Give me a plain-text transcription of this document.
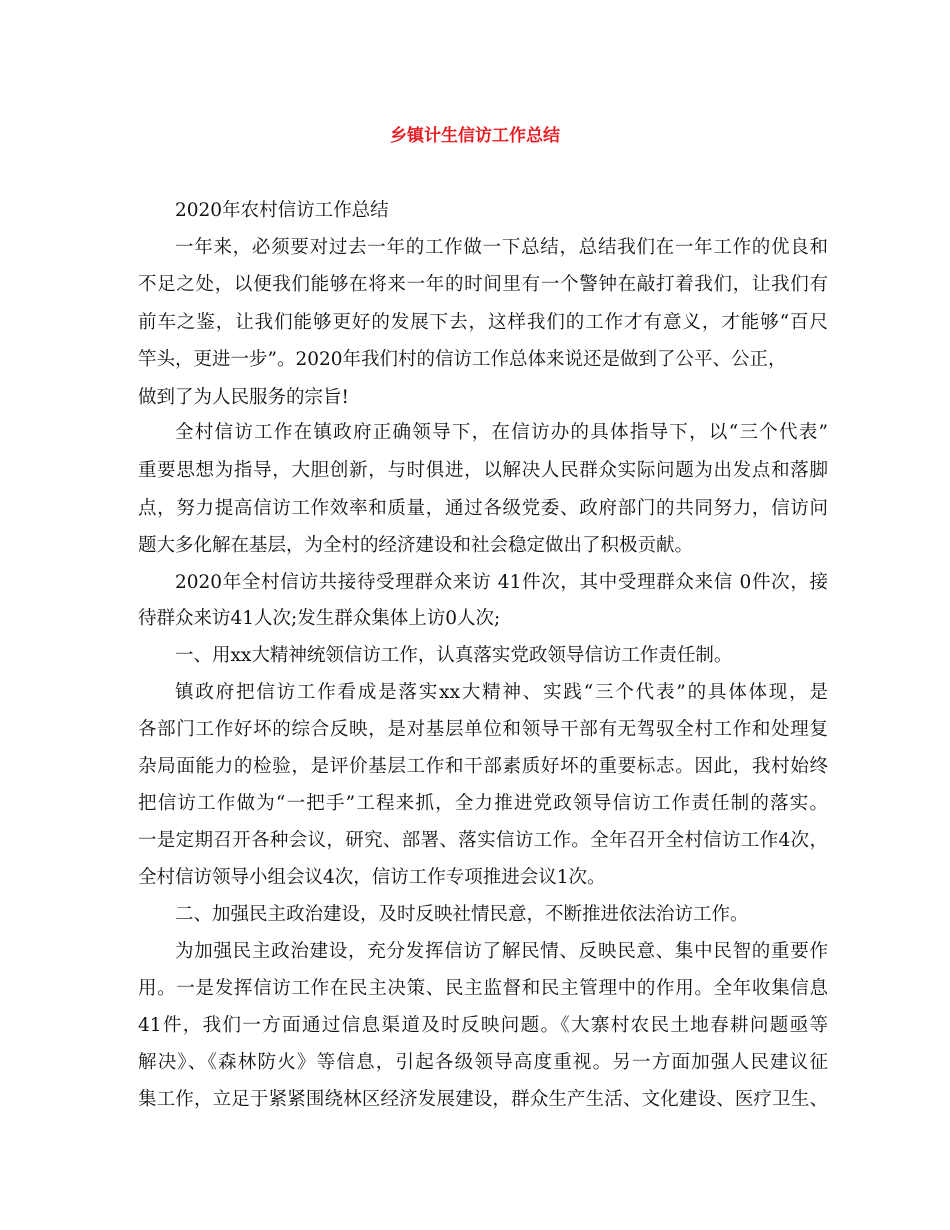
乡镇计生信访工作总结
2020年农村信访工作总结
一年来，必须要对过去一年的工作做一下总结，总结我们在一年工作的优良和
不足之处，以便我们能够在将来一年的时间里有一个警钟在敲打着我们，让我们有
前车之鉴，让我们能够更好的发展下去，这样我们的工作才有意义，才能够“百尺
竿头，更进一步”。2020年我们村的信访工作总体来说还是做到了公平、公正，
做到了为人民服务的宗旨!
全村信访工作在镇政府正确领导下，在信访办的具体指导下，以“三个代表”
重要思想为指导，大胆创新，与时俱进，以解决人民群众实际问题为出发点和落脚
点，努力提高信访工作效率和质量，通过各级党委、政府部门的共同努力，信访问
题大多化解在基层，为全村的经济建设和社会稳定做出了积极贡献。
2020年全村信访共接待受理群众来访 41件次，其中受理群众来信 0件次，接
待群众来访41人次;发生群众集体上访0人次;
一、用xx大精神统领信访工作，认真落实党政领导信访工作责任制。
镇政府把信访工作看成是落实xx大精神、实践“三个代表”的具体体现，是
各部门工作好坏的综合反映，是对基层单位和领导干部有无驾驭全村工作和处理复
杂局面能力的检验，是评价基层工作和干部素质好坏的重要标志。因此，我村始终
把信访工作做为“一把手”工程来抓，全力推进党政领导信访工作责任制的落实。
一是定期召开各种会议，研究、部署、落实信访工作。全年召开全村信访工作4次，
全村信访领导小组会议4次，信访工作专项推进会议1次。
二、加强民主政治建设，及时反映社情民意，不断推进依法治访工作。
为加强民主政治建设，充分发挥信访了解民情、反映民意、集中民智的重要作
用。一是发挥信访工作在民主决策、民主监督和民主管理中的作用。全年收集信息
41件，我们一方面通过信息渠道及时反映问题。《大寨村农民土地春耕问题亟等
解决》、《森林防火》等信息，引起各级领导高度重视。另一方面加强人民建议征
集工作，立足于紧紧围绕林区经济发展建设，群众生产生活、文化建设、医疗卫生、
